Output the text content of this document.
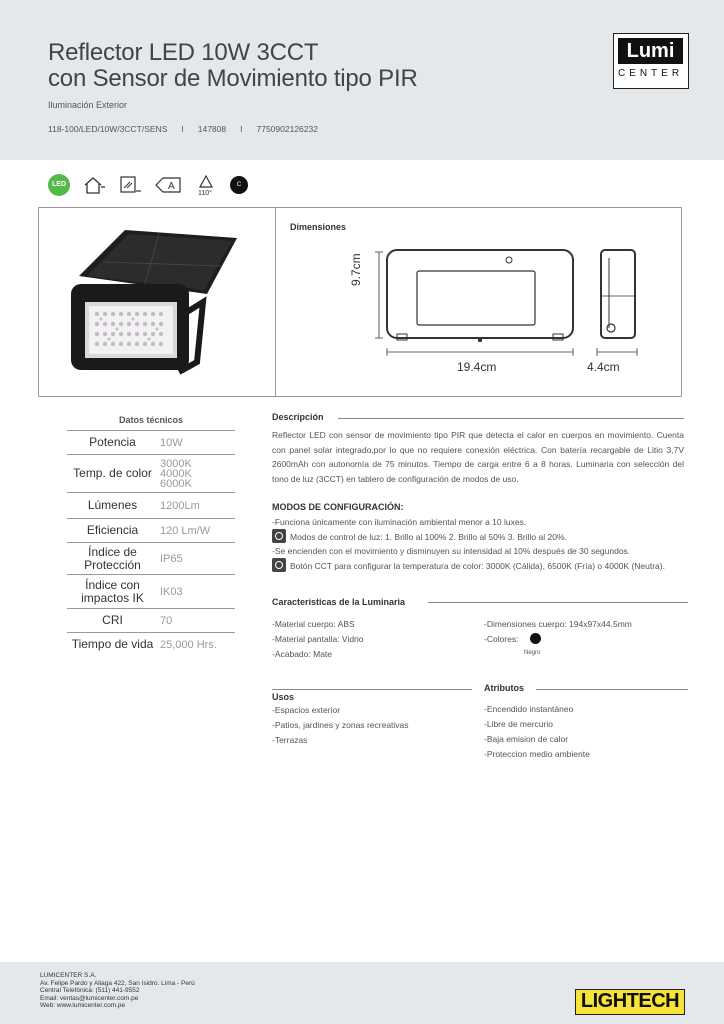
Reflector LED 10W 3CCT
con Sensor de Movimiento tipo PIR
Iluminación Exterior
118-100/LED/10W/3CCT/SENS I 147808 I 7750902126232
Lumi
CENTER
LED	A
110°
C
Dimensiones
9.7cm
19.4cm	4.4cm
Datos técnicos
Potencia	10W
Temp. de color
3000K
4000K
6000K
Lúmenes	1200Lm
Eficiencia	120 Lm/W
Índice de Protección	IP65
Índice con impactos IK	IK03
CRI	70
Tiempo de vida 25,000 Hrs.
Descripción
Reflector LED con sensor de movimiento tipo PIR que detecta el calor en cuerpos en movimiento. Cuenta con panel solar integrado,por lo que no requiere conexión eléctrica. Con batería recargable de Litio 3,7V 2600mAh con autonomía de 75 minutos. Tiempo de carga entre 6 a 8 horas. Luminaria con selección del tono de luz (3CCT) en tablero de configuración de modos de uso.
MODOS DE CONFIGURACIÓN:
-Funciona únicamente con iluminación ambiental menor a 10 luxes.
Modos de control de luz: 1. Brillo al 100% 2. Brillo al 50% 3. Brillo al 20%.
-Se encienden con el movimiento y disminuyen su intensidad al 10% después de 30 segundos.
Botón CCT para configurar la temperatura de color: 3000K (Cálida), 6500K (Fría) o 4000K (Neutra).
Características de la Luminaria
-Material cuerpo: ABS
-Material pantalla: Vidrio
-Acabado: Mate
-Dimensiones cuerpo: 194x97x44.5mm
-Colores:
Negro
Atributos
-Encendido instantáneo
-Libre de mercurio
-Baja emision de calor
-Proteccion medio ambiente
Usos
-Espacios exterior
-Patios, jardines y zonas recreativas
-Terrazas
LUMICENTER S.A.
Av. Felipe Pardo y Aliaga 422, San Isidro. Lima - Perú
Central Telefónica: (511) 441-9552
Email: ventas@lumicenter.com.pe
Web: www.lumicenter.com.pe	LIGHTECH
